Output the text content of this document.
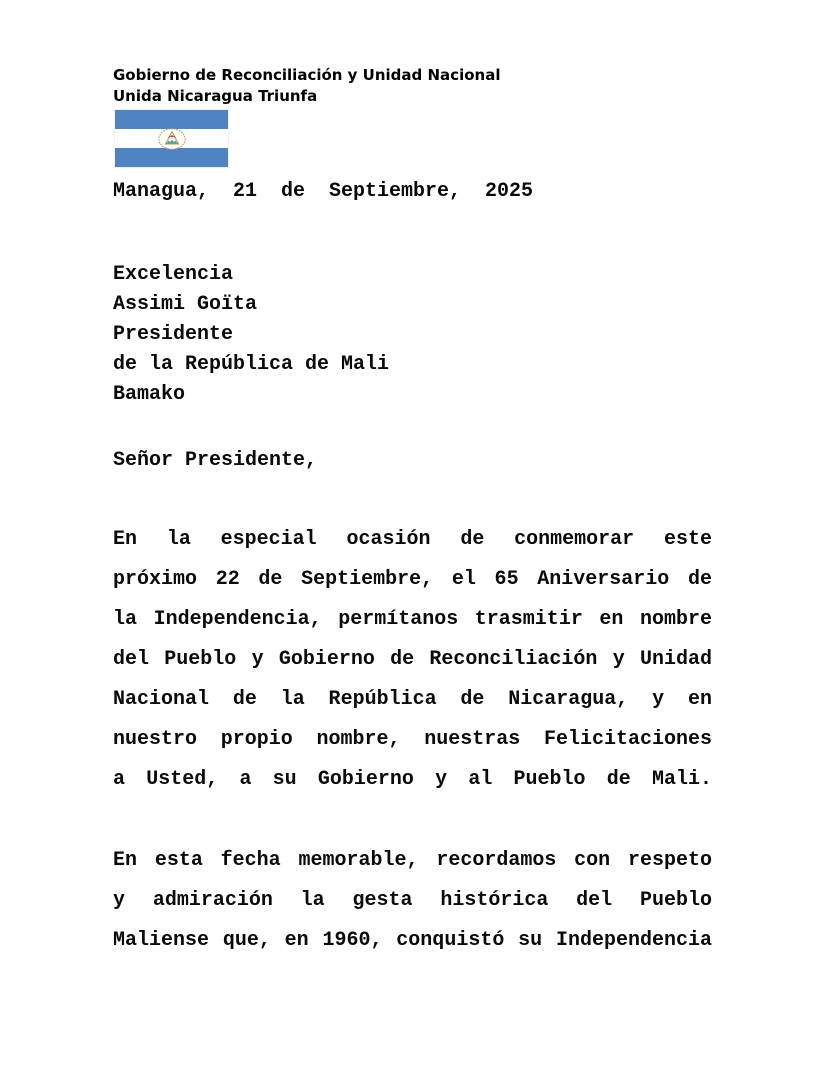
Gobierno de Reconciliación y Unidad Nacional
Unida Nicaragua Triunfa
Managua, 21 de Septiembre, 2025
Excelencia
Assimi Goïta
Presidente
de la República de Mali
Bamako
Señor Presidente,
En la especial ocasión de conmemorar este
próximo 22 de Septiembre, el 65 Aniversario de
la Independencia, permítanos trasmitir en nombre
del Pueblo y Gobierno de Reconciliación y Unidad
Nacional de la República de Nicaragua, y en
nuestro propio nombre, nuestras Felicitaciones
a Usted, a su Gobierno y al Pueblo de Mali.
En esta fecha memorable, recordamos con respeto
y admiración la gesta histórica del Pueblo
Maliense que, en 1960, conquistó su Independencia
